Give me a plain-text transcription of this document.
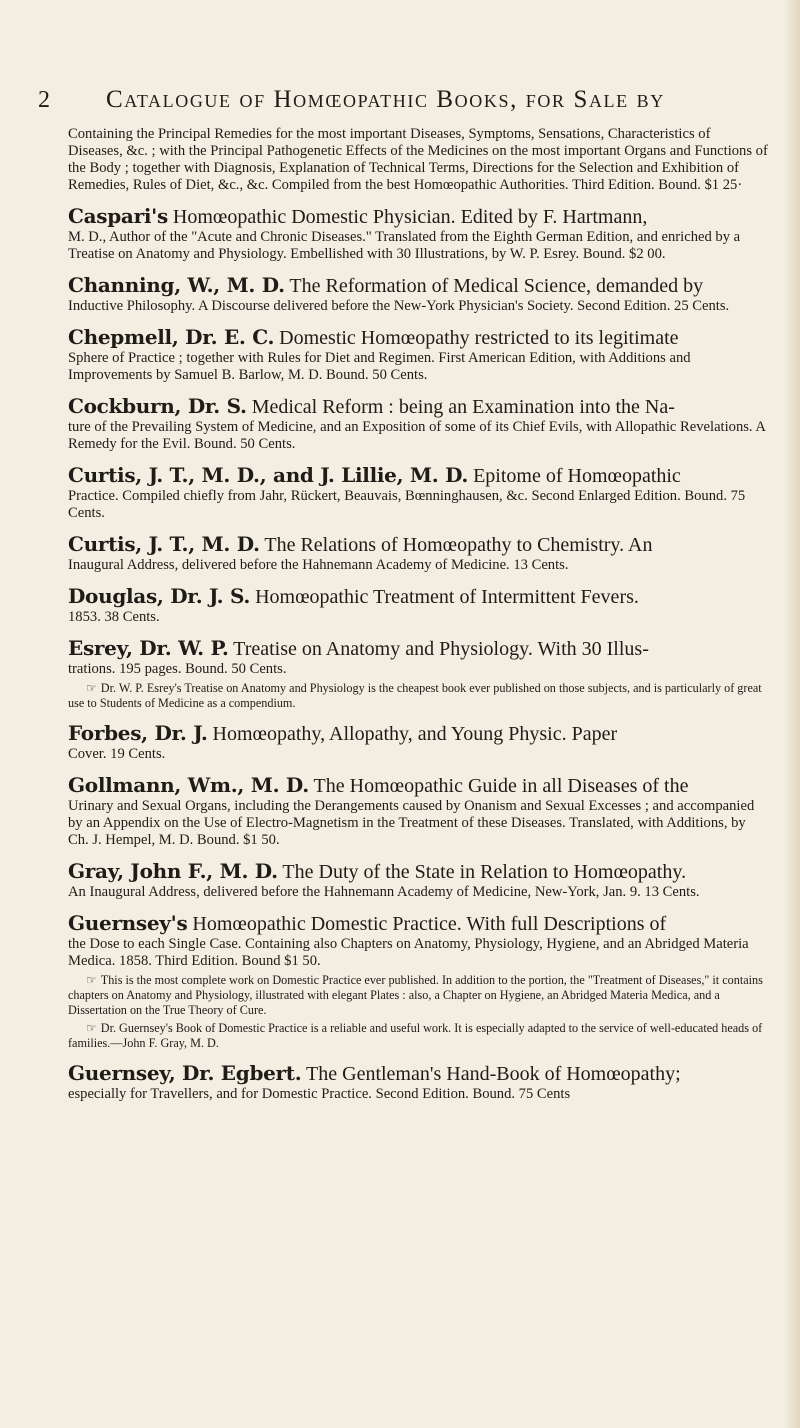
2	Catalogue of Homœopathic Books, for Sale by
Containing the Principal Remedies for the most important Diseases, Symptoms, Sensations, Characteristics of Diseases, &c. ; with the Principal Pathogenetic Effects of the Medicines on the most important Organs and Functions of the Body ; together with Diagnosis, Explanation of Technical Terms, Directions for the Selection and Exhibition of Remedies, Rules of Diet, &c., &c. Compiled from the best Homœopathic Authorities. Third Edition. Bound. $1 25·

Caspari's Homœopathic Domestic Physician. Edited by F. Hartmann,

M. D., Author of the "Acute and Chronic Diseases." Translated from the Eighth German Edition, and enriched by a Treatise on Anatomy and Physiology. Embellished with 30 Illustrations, by W. P. Esrey. Bound. $2 00.

Channing, W., M. D. The Reformation of Medical Science, demanded by

Inductive Philosophy. A Discourse delivered before the New-York Physician's Society. Second Edition. 25 Cents.

Chepmell, Dr. E. C. Domestic Homœopathy restricted to its legitimate

Sphere of Practice ; together with Rules for Diet and Regimen. First American Edition, with Additions and Improvements by Samuel B. Barlow, M. D. Bound. 50 Cents.

Cockburn, Dr. S. Medical Reform : being an Examination into the Na-

ture of the Prevailing System of Medicine, and an Exposition of some of its Chief Evils, with Allopathic Revelations. A Remedy for the Evil. Bound. 50 Cents.

Curtis, J. T., M. D., and J. Lillie, M. D. Epitome of Homœopathic

Practice. Compiled chiefly from Jahr, Rückert, Beauvais, Bœnninghausen, &c. Second Enlarged Edition. Bound. 75 Cents.

Curtis, J. T., M. D. The Relations of Homœopathy to Chemistry. An

Inaugural Address, delivered before the Hahnemann Academy of Medicine. 13 Cents.

Douglas, Dr. J. S. Homœopathic Treatment of Intermittent Fevers.

1853. 38 Cents.

Esrey, Dr. W. P. Treatise on Anatomy and Physiology. With 30 Illus-

trations. 195 pages. Bound. 50 Cents.

☞ Dr. W. P. Esrey's Treatise on Anatomy and Physiology is the cheapest book ever published on those subjects, and is particularly of great use to Students of Medicine as a compendium.

Forbes, Dr. J. Homœopathy, Allopathy, and Young Physic. Paper

Cover. 19 Cents.

Gollmann, Wm., M. D. The Homœopathic Guide in all Diseases of the

Urinary and Sexual Organs, including the Derangements caused by Onanism and Sexual Excesses ; and accompanied by an Appendix on the Use of Electro-Magnetism in the Treatment of these Diseases. Translated, with Additions, by Ch. J. Hempel, M. D. Bound. $1 50.

Gray, John F., M. D. The Duty of the State in Relation to Homœopathy.

An Inaugural Address, delivered before the Hahnemann Academy of Medicine, New-York, Jan. 9. 13 Cents.

Guernsey's Homœopathic Domestic Practice. With full Descriptions of

the Dose to each Single Case. Containing also Chapters on Anatomy, Physiology, Hygiene, and an Abridged Materia Medica. 1858. Third Edition. Bound $1 50.

☞ This is the most complete work on Domestic Practice ever published. In addition to the portion, the "Treatment of Diseases," it contains chapters on Anatomy and Physiology, illustrated with elegant Plates : also, a Chapter on Hygiene, an Abridged Materia Medica, and a Dissertation on the True Theory of Cure.

☞ Dr. Guernsey's Book of Domestic Practice is a reliable and useful work. It is especially adapted to the service of well-educated heads of families.—John F. Gray, M. D.

Guernsey, Dr. Egbert. The Gentleman's Hand-Book of Homœopathy;

especially for Travellers, and for Domestic Practice. Second Edition. Bound. 75 Cents
